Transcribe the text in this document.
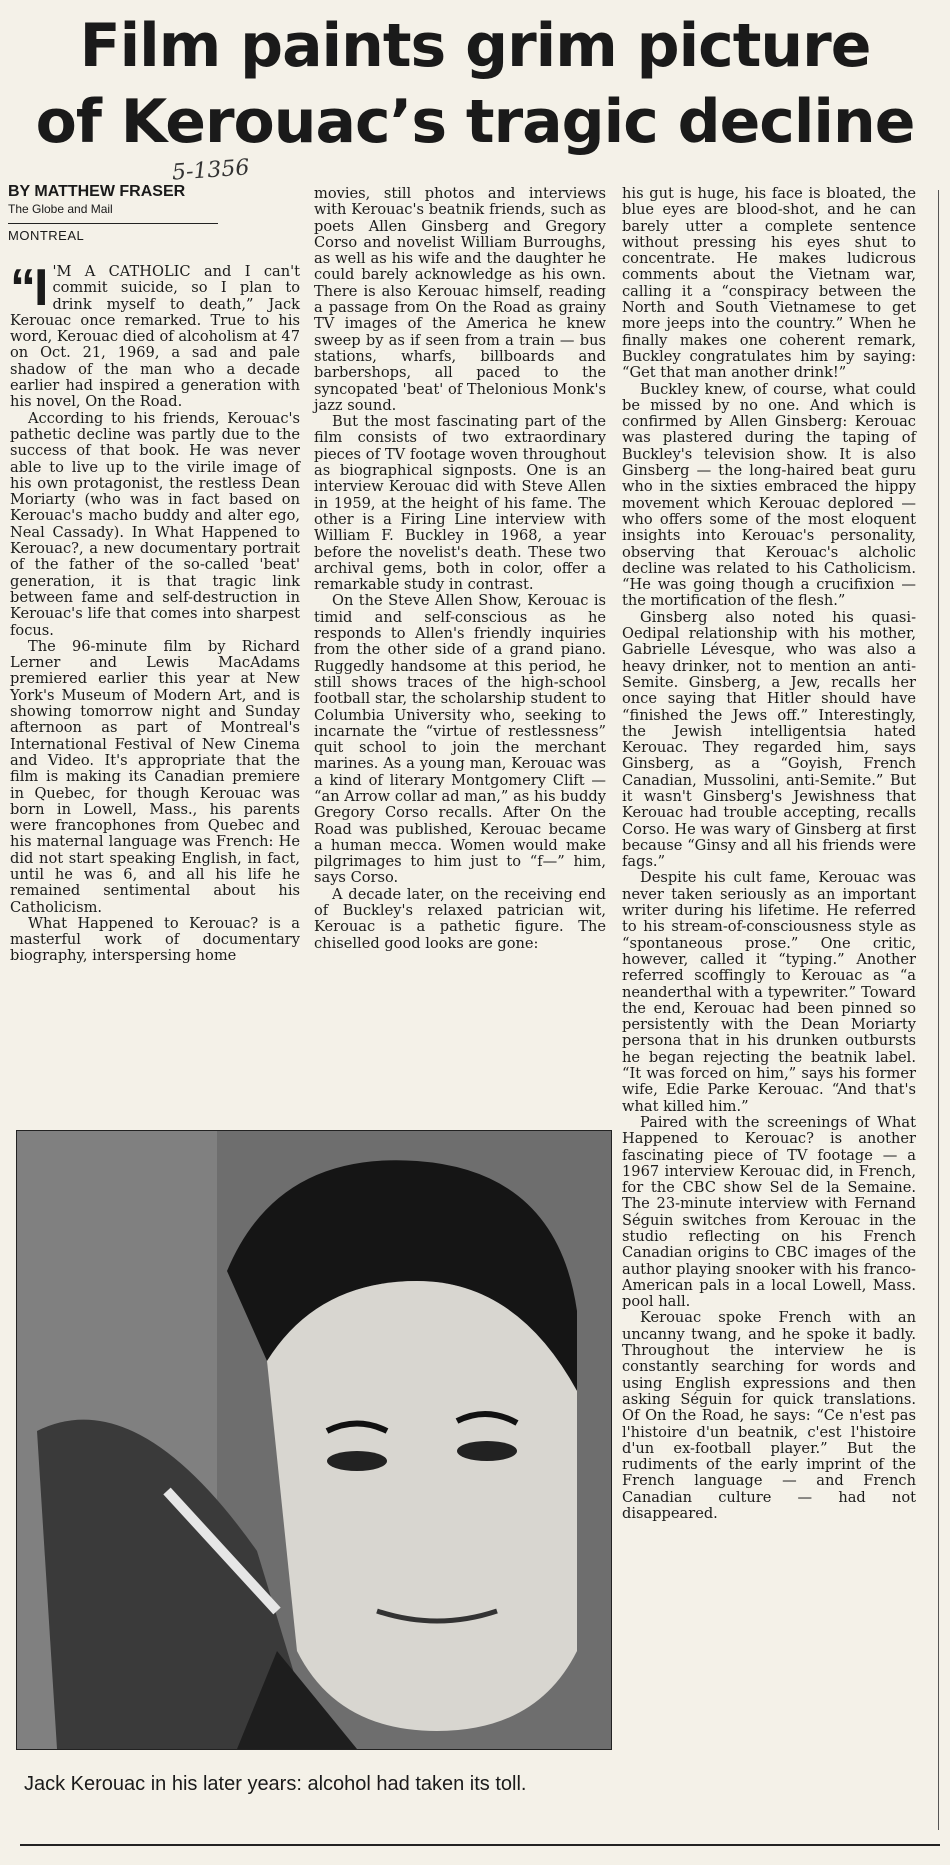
Film paints grim picture
of Kerouac’s tragic decline
5-1356
BY MATTHEW FRASER
The Globe and Mail
MONTREAL

“I 'M A CATHOLIC and I can't commit suicide, so I plan to drink myself to death,” Jack Kerouac once remarked. True to his word, Kerouac died of alcoholism at 47 on Oct. 21, 1969, a sad and pale shadow of the man who a decade earlier had inspired a generation with his novel, On the Road.

According to his friends, Kerouac's pathetic decline was partly due to the success of that book. He was never able to live up to the virile image of his own protagonist, the restless Dean Moriarty (who was in fact based on Kerouac's macho buddy and alter ego, Neal Cassady). In What Happened to Kerouac?, a new documentary portrait of the father of the so-called 'beat' generation, it is that tragic link between fame and self-destruction in Kerouac's life that comes into sharpest focus.

The 96-minute film by Richard Lerner and Lewis MacAdams premiered earlier this year at New York's Museum of Modern Art, and is showing tomorrow night and Sunday afternoon as part of Montreal's International Festival of New Cinema and Video. It's appropriate that the film is making its Canadian premiere in Quebec, for though Kerouac was born in Lowell, Mass., his parents were francophones from Quebec and his maternal language was French: He did not start speaking English, in fact, until he was 6, and all his life he remained sentimental about his Catholicism.

What Happened to Kerouac? is a masterful work of documentary biography, interspersing home

movies, still photos and interviews with Kerouac's beatnik friends, such as poets Allen Ginsberg and Gregory Corso and novelist William Burroughs, as well as his wife and the daughter he could barely acknowledge as his own. There is also Kerouac himself, reading a passage from On the Road as grainy TV images of the America he knew sweep by as if seen from a train — bus stations, wharfs, billboards and barbershops, all paced to the syncopated 'beat' of Thelonious Monk's jazz sound.

But the most fascinating part of the film consists of two extraordinary pieces of TV footage woven throughout as biographical signposts. One is an interview Kerouac did with Steve Allen in 1959, at the height of his fame. The other is a Firing Line interview with William F. Buckley in 1968, a year before the novelist's death. These two archival gems, both in color, offer a remarkable study in contrast.

On the Steve Allen Show, Kerouac is timid and self-conscious as he responds to Allen's friendly inquiries from the other side of a grand piano. Ruggedly handsome at this period, he still shows traces of the high-school football star, the scholarship student to Columbia University who, seeking to incarnate the “virtue of restlessness” quit school to join the merchant marines. As a young man, Kerouac was a kind of literary Montgomery Clift — “an Arrow collar ad man,” as his buddy Gregory Corso recalls. After On the Road was published, Kerouac became a human mecca. Women would make pilgrimages to him just to “f—” him, says Corso.

A decade later, on the receiving end of Buckley's relaxed patrician wit, Kerouac is a pathetic figure. The chiselled good looks are gone:

his gut is huge, his face is bloated, the blue eyes are blood-shot, and he can barely utter a complete sentence without pressing his eyes shut to concentrate. He makes ludicrous comments about the Vietnam war, calling it a “conspiracy between the North and South Vietnamese to get more jeeps into the country.” When he finally makes one coherent remark, Buckley congratulates him by saying: “Get that man another drink!”

Buckley knew, of course, what could be missed by no one. And which is confirmed by Allen Ginsberg: Kerouac was plastered during the taping of Buckley's television show. It is also Ginsberg — the long-haired beat guru who in the sixties embraced the hippy movement which Kerouac deplored — who offers some of the most eloquent insights into Kerouac's personality, observing that Kerouac's alcholic decline was related to his Catholicism. “He was going though a crucifixion — the mortification of the flesh.”

Ginsberg also noted his quasi-Oedipal relationship with his mother, Gabrielle Lévesque, who was also a heavy drinker, not to mention an anti-Semite. Ginsberg, a Jew, recalls her once saying that Hitler should have “finished the Jews off.” Interestingly, the Jewish intelligentsia hated Kerouac. They regarded him, says Ginsberg, as a “Goyish, French Canadian, Mussolini, anti-Semite.” But it wasn't Ginsberg's Jewishness that Kerouac had trouble accepting, recalls Corso. He was wary of Ginsberg at first because “Ginsy and all his friends were fags.”

Despite his cult fame, Kerouac was never taken seriously as an important writer during his lifetime. He referred to his stream-of-consciousness style as “spontaneous prose.” One critic, however, called it “typing.” Another referred scoffingly to Kerouac as “a neanderthal with a typewriter.” Toward the end, Kerouac had been pinned so persistently with the Dean Moriarty persona that in his drunken outbursts he began rejecting the beatnik label. “It was forced on him,” says his former wife, Edie Parke Kerouac. “And that's what killed him.”

Paired with the screenings of What Happened to Kerouac? is another fascinating piece of TV footage — a 1967 interview Kerouac did, in French, for the CBC show Sel de la Semaine. The 23-minute interview with Fernand Séguin switches from Kerouac in the studio reflecting on his French Canadian origins to CBC images of the author playing snooker with his franco-American pals in a local Lowell, Mass. pool hall.

Kerouac spoke French with an uncanny twang, and he spoke it badly. Throughout the interview he is constantly searching for words and using English expressions and then asking Séguin for quick translations. Of On the Road, he says: “Ce n'est pas l'histoire d'un beatnik, c'est l'histoire d'un ex-football player.” But the rudiments of the early imprint of the French language — and French Canadian culture — had not disappeared.

Jack Kerouac in his later years: alcohol had taken its toll.
